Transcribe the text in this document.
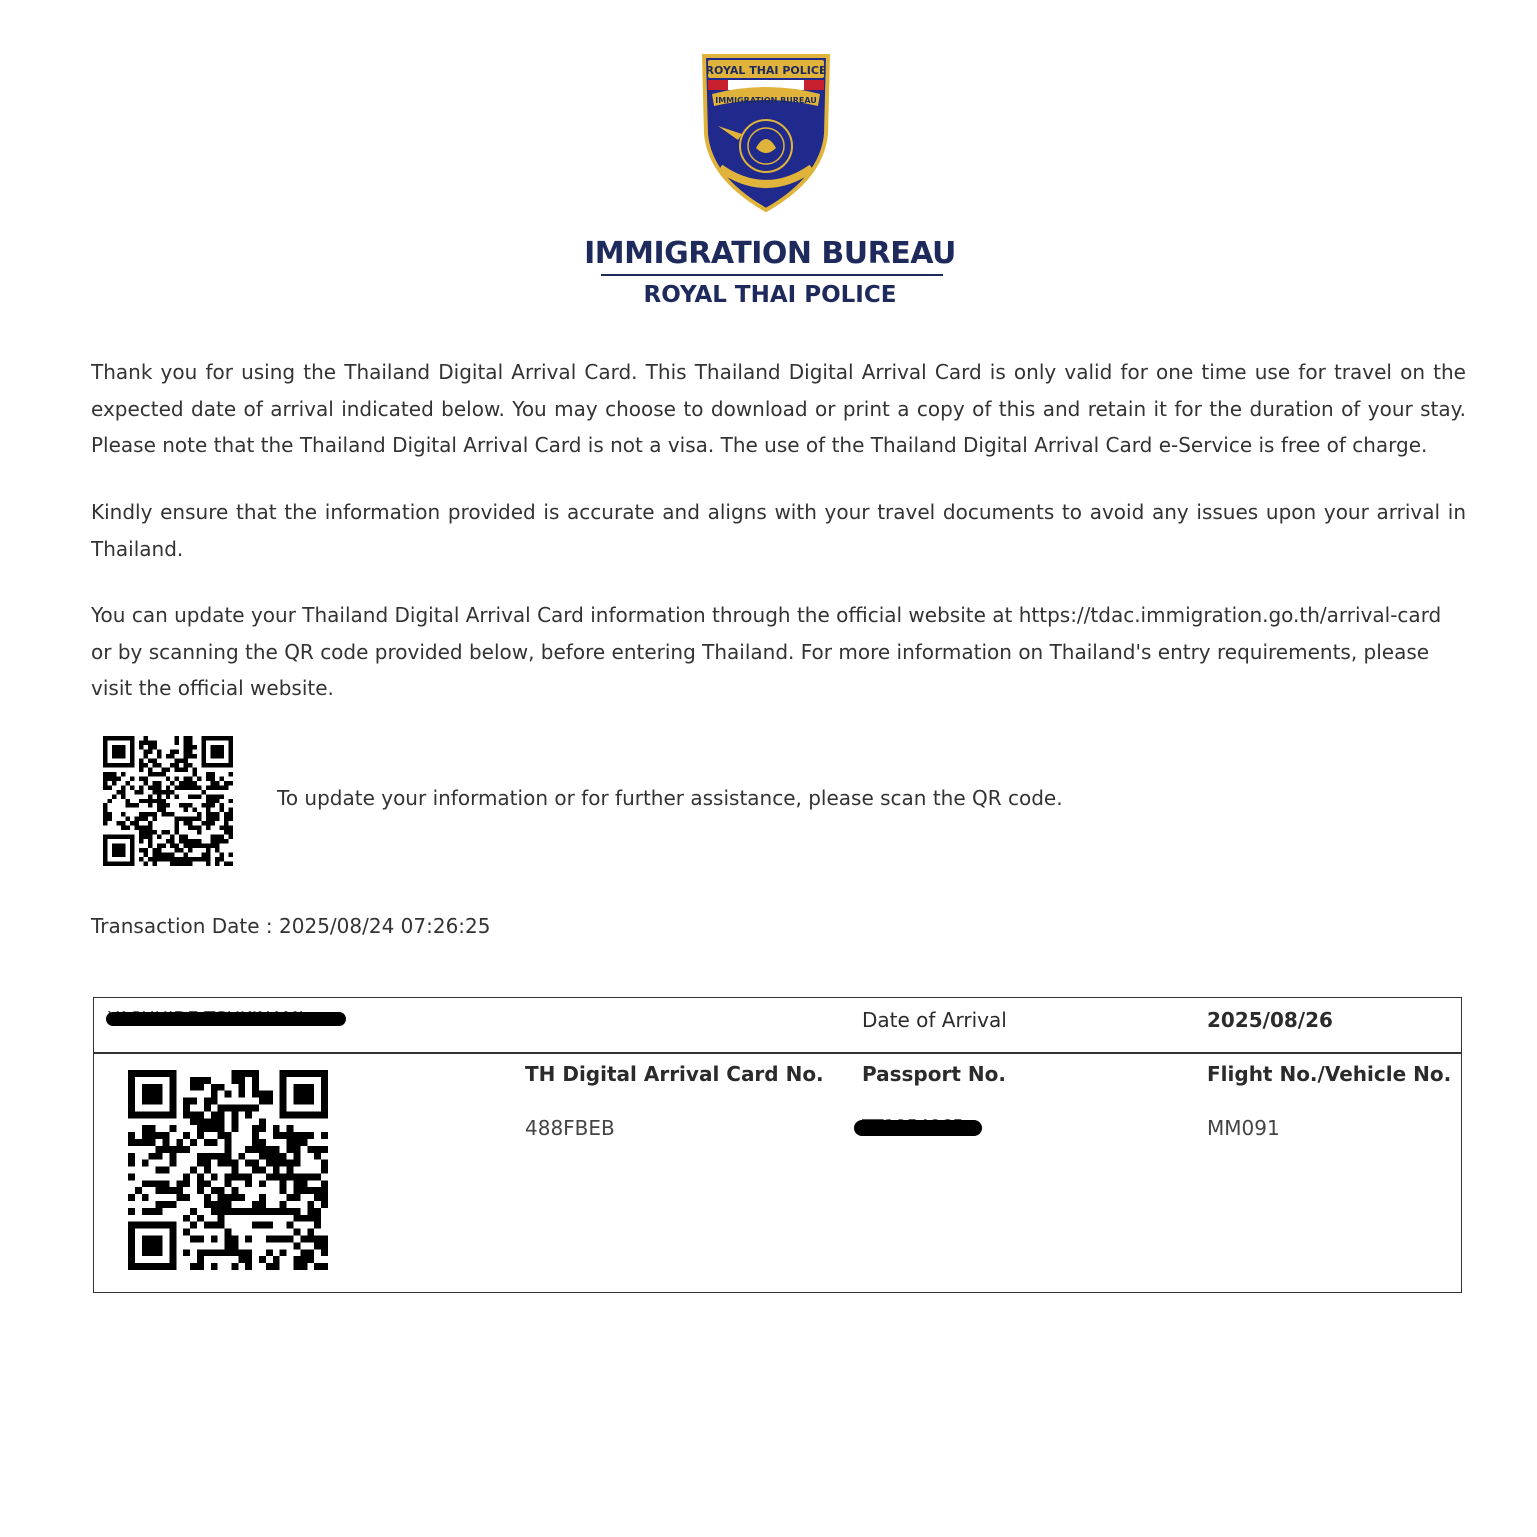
ROYAL THAI POLICE
IMMIGRATION BUREAU
IMMIGRATION BUREAU
ROYAL THAI POLICE
Thank you for using the Thailand Digital Arrival Card. This Thailand Digital Arrival Card is only valid for one time use for travel on the expected date of arrival indicated below. You may choose to download or print a copy of this and retain it for the duration of your stay. Please note that the Thailand Digital Arrival Card is not a visa. The use of the Thailand Digital Arrival Card e-Service is free of charge.
Kindly ensure that the information provided is accurate and aligns with your travel documents to avoid any issues upon your arrival in Thailand.
You can update your Thailand Digital Arrival Card information through the official website at https://tdac.immigration.go.th/arrival-card or by scanning the QR code provided below, before entering Thailand. For more information on Thailand's entry requirements, please visit the official website.
To update your information or for further assistance, please scan the QR code.
Transaction Date : 2025/08/24 07:26:25
Date of Arrival	2025/08/26
TH Digital Arrival Card No.
488FBEB
Passport No.	Flight No./Vehicle No.
MM091
